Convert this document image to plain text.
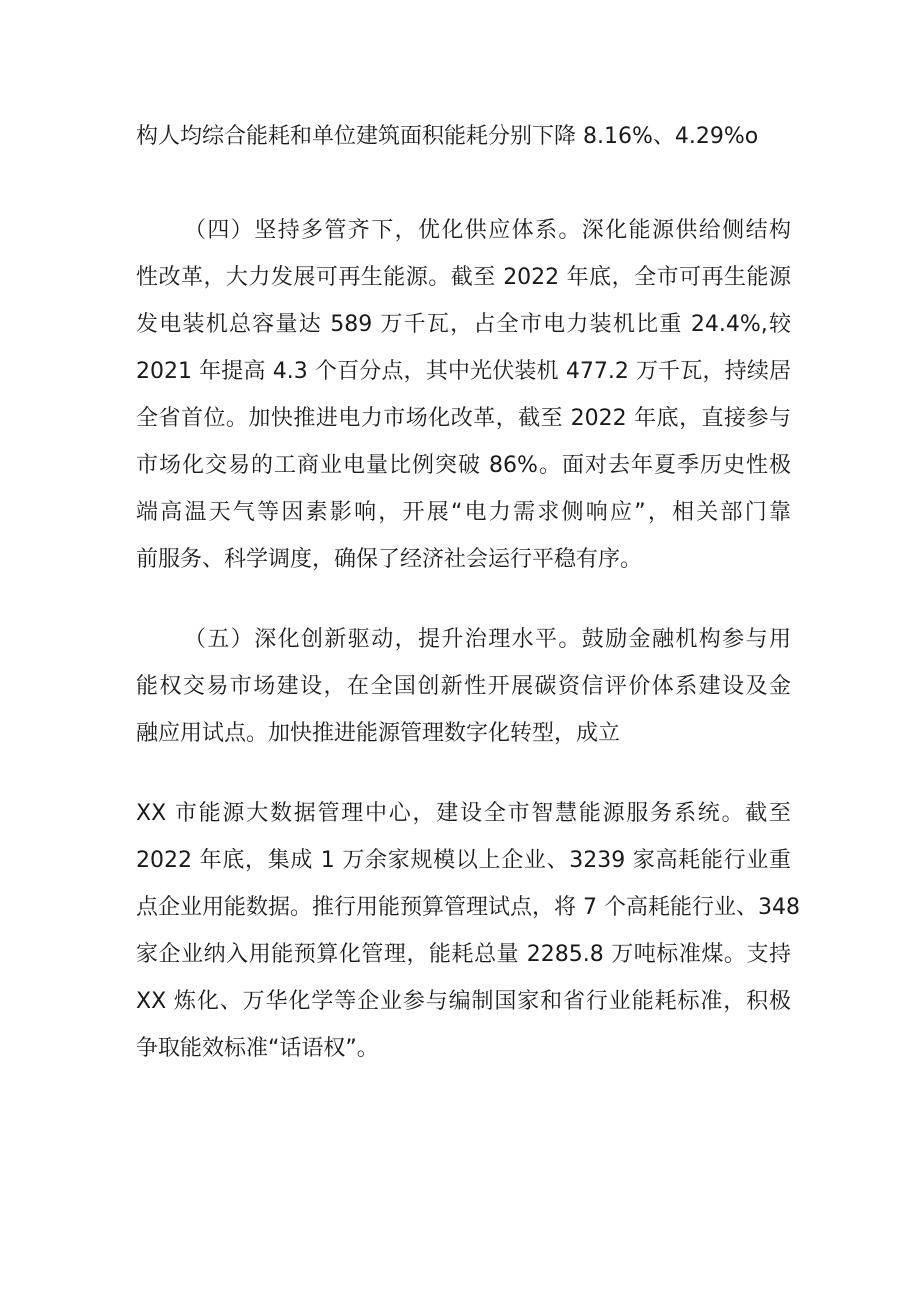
构人均综合能耗和单位建筑面积能耗分别下降 8.16%、4.29%o

（四）坚持多管齐下，优化供应体系。深化能源供给侧结构

性改革，大力发展可再生能源。截至 2022 年底，全市可再生能源

发电装机总容量达 589 万千瓦，占全市电力装机比重 24.4%,较

2021 年提高 4.3 个百分点，其中光伏装机 477.2 万千瓦，持续居

全省首位。加快推进电力市场化改革，截至 2022 年底，直接参与

市场化交易的工商业电量比例突破 86%。面对去年夏季历史性极

端高温天气等因素影响，开展“电力需求侧响应”，相关部门靠

前服务、科学调度，确保了经济社会运行平稳有序。

（五）深化创新驱动，提升治理水平。鼓励金融机构参与用

能权交易市场建设，在全国创新性开展碳资信评价体系建设及金

融应用试点。加快推进能源管理数字化转型，成立

XX 市能源大数据管理中心，建设全市智慧能源服务系统。截至

2022 年底，集成 1 万余家规模以上企业、3239 家高耗能行业重

点企业用能数据。推行用能预算管理试点，将 7 个高耗能行业、348

家企业纳入用能预算化管理，能耗总量 2285.8 万吨标准煤。支持

XX 炼化、万华化学等企业参与编制国家和省行业能耗标准，积极

争取能效标准“话语权”。
